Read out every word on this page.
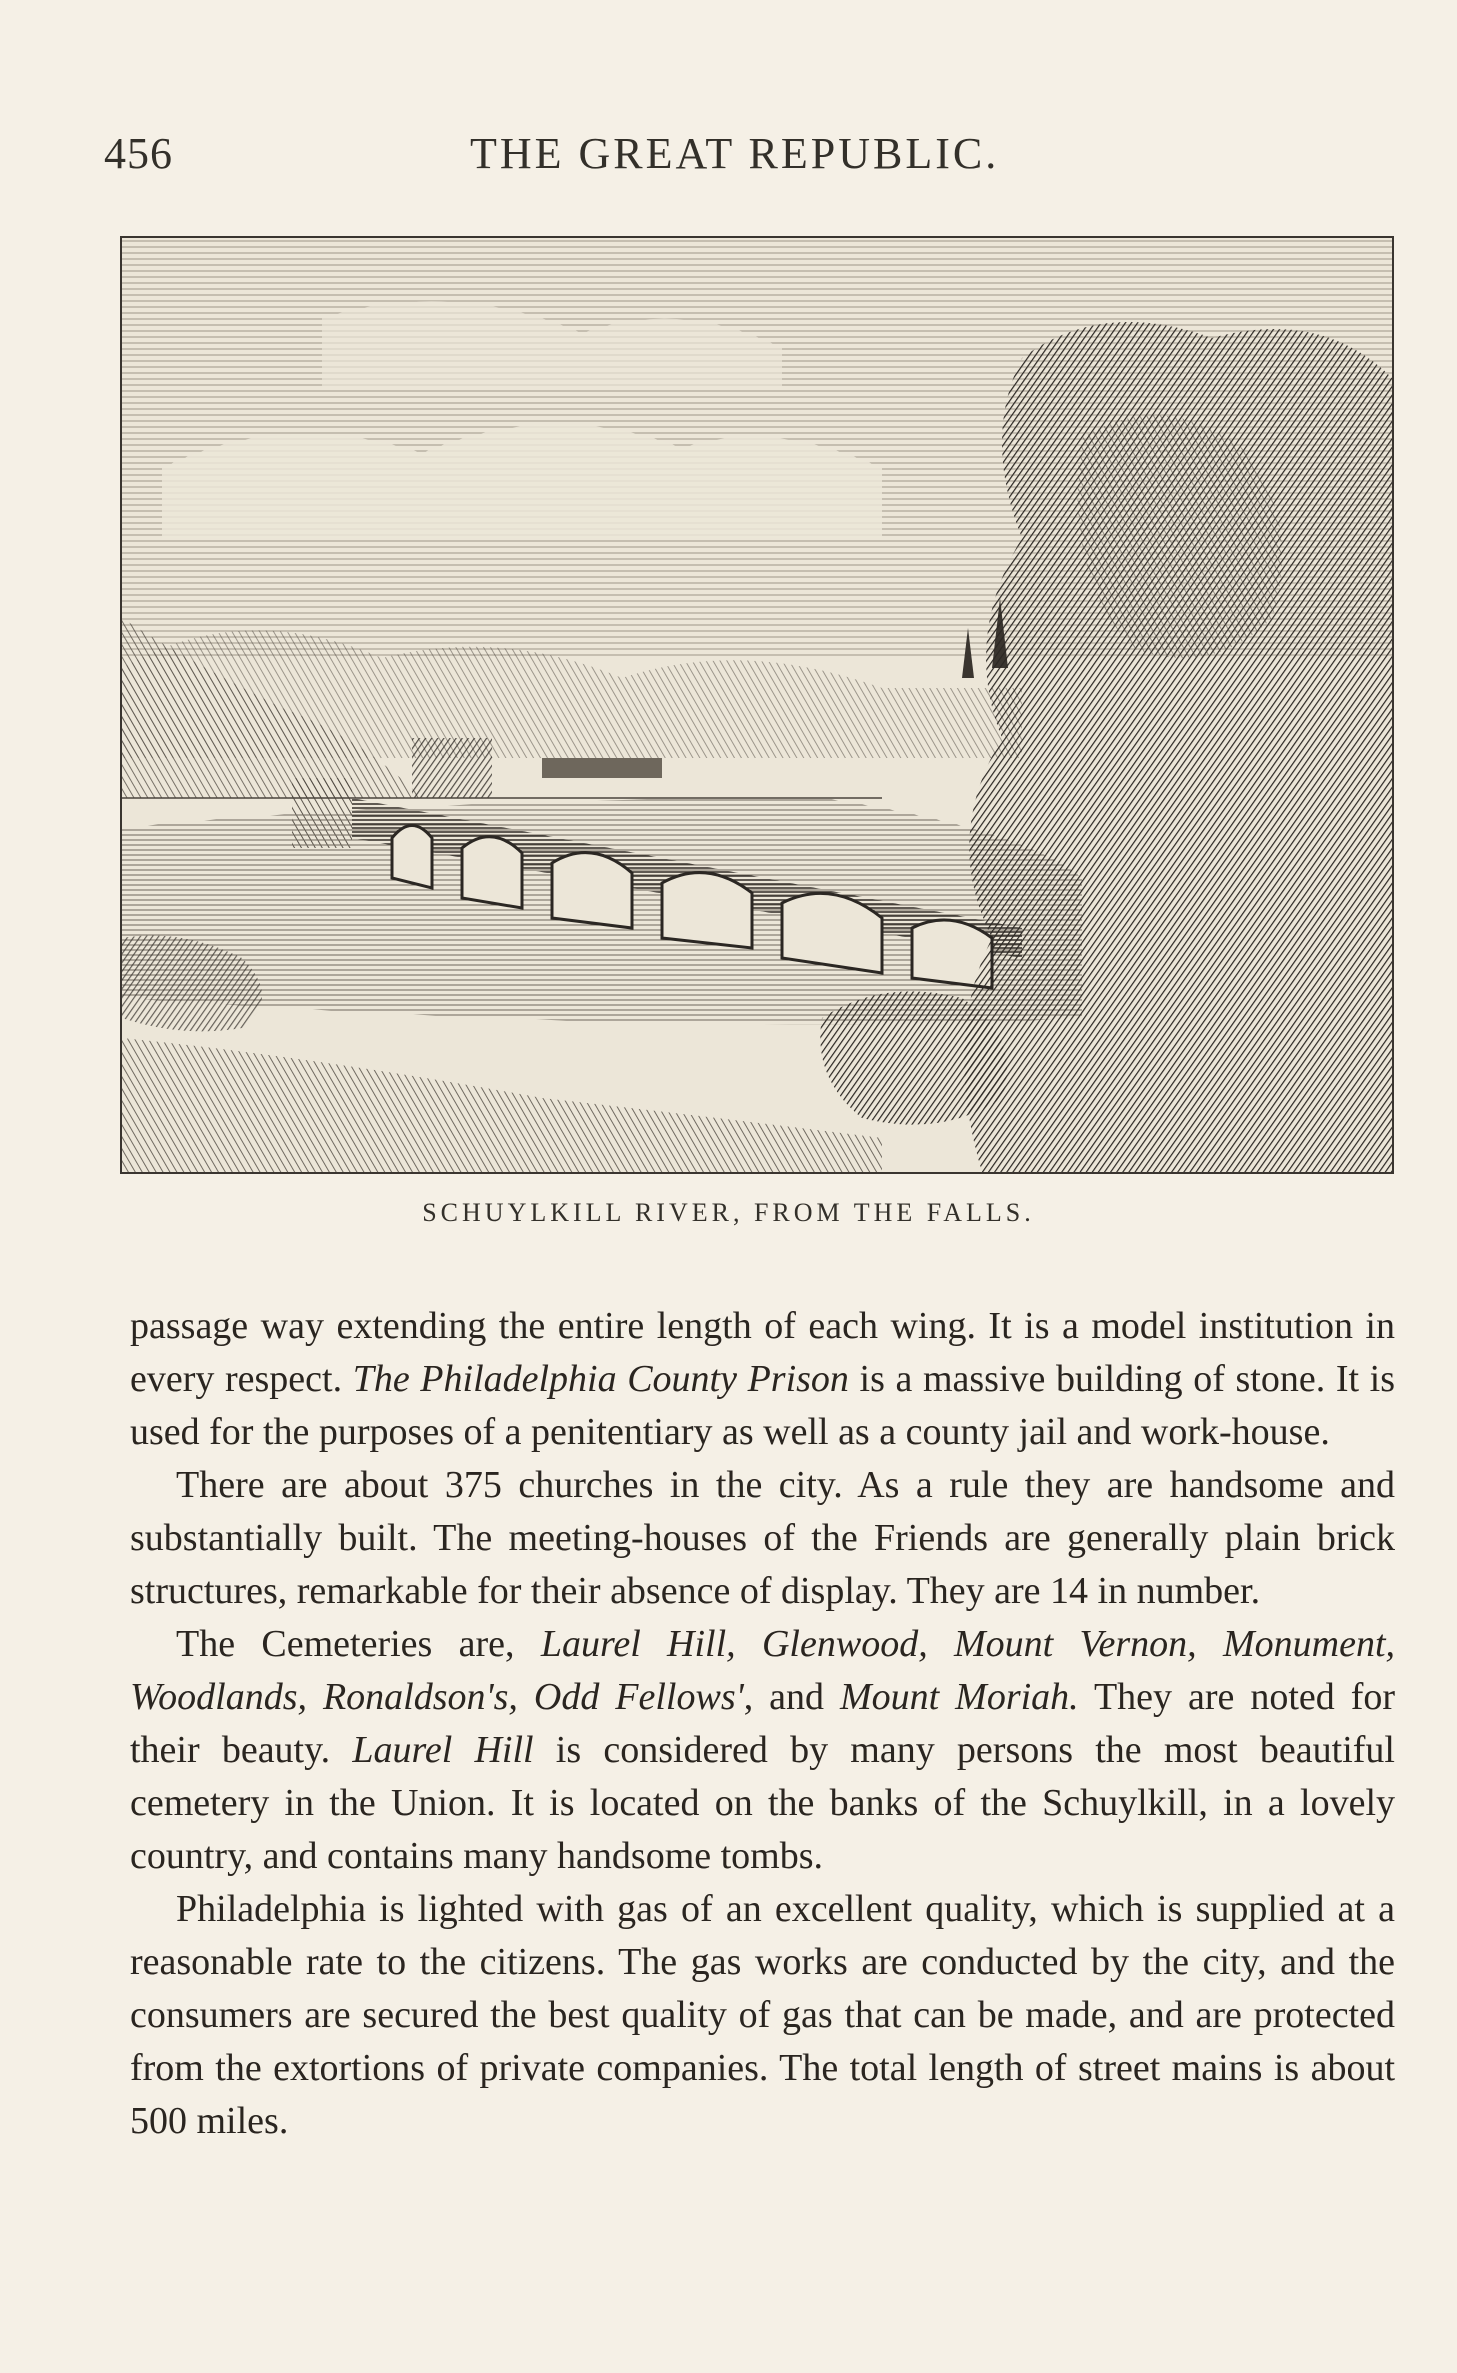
456	THE GREAT REPUBLIC.
SCHUYLKILL RIVER, FROM THE FALLS.

passage way extending the entire length of each wing. It is a model institution in every respect. The Philadelphia County Prison is a massive building of stone. It is used for the purposes of a penitentiary as well as a county jail and work-house.

There are about 375 churches in the city. As a rule they are handsome and substantially built. The meeting-houses of the Friends are generally plain brick structures, remarkable for their absence of display. They are 14 in number.

The Cemeteries are, Laurel Hill, Glenwood, Mount Vernon, Monument, Woodlands, Ronaldson's, Odd Fellows', and Mount Moriah. They are noted for their beauty. Laurel Hill is considered by many persons the most beautiful cemetery in the Union. It is located on the banks of the Schuylkill, in a lovely country, and contains many handsome tombs.

Philadelphia is lighted with gas of an excellent quality, which is supplied at a reasonable rate to the citizens. The gas works are conducted by the city, and the consumers are secured the best quality of gas that can be made, and are protected from the extortions of private companies. The total length of street mains is about 500 miles.
